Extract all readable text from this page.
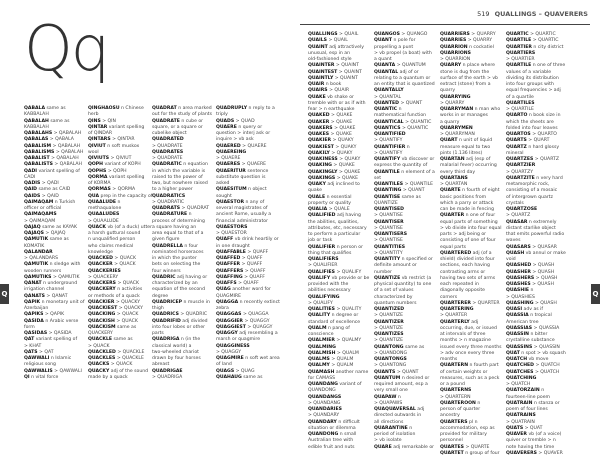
Qq	519 QUALLINGS – QUAVERERS
Q	Q
QABALA same as
KABBALAH
QABALAH same as
KABBALAH
QABALAHS > QABALAH
QABALAS > QABALA
QABALISM > QABALAH
QABALISMS > QABALAH
QABALIST > QABALAH
QABALISTS > QABALAH
QADI variant spelling of
CADI
QADIS > QADI
QAID same as CAID
QAIDS > QAID
QAIMAQAM n Turkish
officer or official
QAIMAQAMS
> QAIMAQAM
QAJAQ same as KAYAK
QAJAQS > QAJAQ
QAMUTIK same as
KOMATIK
QALANDAR
> QALANDARS
QAMUTIK n sledge with
wooden runners
QAMUTIKS > QAMUTIK
QANAT n underground
irrigation channel
QANATS > QANAT
QAPIK n monetary unit of
Azerbaijan
QAPIKS > QAPIK
QASIDA n Arabic verse
form
QASIDAS > QASIDA
QAT variant spelling of
> KHAT
QATS > QAT
QAWWALI n Islamic
religious song
QAWWALIS > QAWWALI
QI n vital force
QINGHAOSU n Chinese
herb
QINS > QIN
QINTAR variant spelling
of QINDAR
QINTARS > QINTAR
QIVIUT n soft muskox
wool
QIVIUTS > QIVIUT
QOPH variant of KOPH
QOPHS > QOPH
QORMA variant spelling
of KORMA
QORMAS > QORMA
QUA prep in the capacity of
QUAALUDE n
methaqualone
QUAALUDES
> QUAALUDE
QUACK vb (of a duck) utter
a harsh guttural sound
n unqualified person
who claims medical
knowledge
QUACKED > QUACK
QUACKER > QUACK
QUACKERIES
> QUACKERY
QUACKERS > QUACK
QUACKERY n activities
or methods of a quack
QUACKIER > QUACKY
QUACKIEST > QUACKY
QUACKING > QUACK
QUACKISH > QUACK
QUACKISM same as
QUACKERY
QUACKLE same as
> QUACK
QUACKLED > QUACKLE
QUACKLES > QUACKLE
QUACKS > QUACK
QUACKY adj of the sound
made by a quack
QUADRAT n area marked
out for the study of plants
QUADRATE n cube or
square, or a square or
cubelike object
QUADRATED
> QUADRATE
QUADRATES
> QUADRATE
QUADRATIC n equation
in which the variable is
raised to the power of
two, but nowhere raised
to a higher power
QUADRATICS
> QUADRATIC
QUADRATS > QUADRAT
QUADRATURE n
process of determining
a square having an
area equal to that of a
given figure
QUADRELLA n four
nominated horseraces
in which the punter
bets on selecting the
four winners
QUADRIC adj having or
characterized by an
equation of the second
degree
QUADRICEP n muscle in
thigh
QUADRICS > QUADRIC
QUADRIFID adj divided
into four lobes or other
parts
QUADRIGA n (in the
classical world) a
two-wheeled chariot
drawn by four horses
abreast
QUADRIGAE
> QUADRIGA
QUADRUPLY n reply to a
triply
QUADS > QUAD
QUAERE n query or
question > interj ask or
inquire > vb ask
QUAERED > QUAERE
QUAEREING
> QUAERE
QUAERES > QUAERE
QUAERITUR sentence
substitute question is
asked
QUAESITUM n object
sought
QUAESTOR n any of
several magistrates of
ancient Rome, usually a
financial administrator
QUAESTORS
> QUAESTOR
QUAFF vb drink heartily or
in one draught
QUAFFABLE > QUAFF
QUAFFED > QUAFF
QUAFFER > QUAFF
QUAFFERS > QUAFF
QUAFFING > QUAFF
QUAFFS > QUAFF
QUAG another word for
QUAGMIRE
QUAGGA n recently extinct
zebra
QUAGGAS > QUAGGA
QUAGGIER > QUAGGY
QUAGGIEST > QUAGGY
QUAGGY adj resembling a
marsh or quagmire
QUAGGINESS
> QUAGGY
QUAGMIRE n soft wet area
of land
QUAGS > QUAG
QUAHAUG same as
QUALLINGS > QUAIL
QUAILS > QUAIL
QUAINT adj attractively
unusual, esp in an
old-fashioned style
QUAINTER > QUAINT
QUAINTEST > QUAINT
QUAINTLY > QUAINT
QUAIR n book
QUAIRS > QUAIR
QUAKE vb shake or
tremble with or as if with
fear > n earthquake
QUAKED > QUAKE
QUAKER > QUAKE
QUAKERS > QUAKE
QUAKES > QUAKE
QUAKIER > QUAKY
QUAKIEST > QUAKY
QUAKILY > QUAKY
QUAKINESS > QUAKY
QUAKING > QUAKE
QUAKINGLY > QUAKE
QUAKINGS > QUAKE
QUAKY adj inclined to
quake
QUALE n essential
property or quality
QUALIA > QUALE
QUALIFIED adj having
the abilities, qualities,
attributes, etc, necessary
to perform a particular
job or task
QUALIFIER n person or
thing that qualifies
QUALIFIERS
> QUALIFIER
QUALIFIES > QUALIFY
QUALIFY vb provide or be
provided with the
abilities necessary
QUALIFYING
> QUALIFY
QUALITIES > QUALITY
QUALITY n degree or
standard of excellence
QUALM n pang of
conscience
QUALMIER > QUALMY
QUALMING
QUALMISH > QUALM
QUALMS > QUALM
QUALMY > QUALM
QUAMASH another name
for CAMASS
QUANDANG variant of
QUANDONG
QUANDANGS
> QUANDANG
QUANDARIES
> QUANDARY
QUANDARY n difficult
situation or dilemma
QUANDONG n small
Australian tree with
edible fruit and nuts
QUANGOS > QUANGO
QUANT n pole for
propelling a punt
> vb propel (a boat) with
a quant
QUANTA > QUANTUM
QUANTAL adj of or
relating to a quantum or
an entity that is quantized
QUANTALLY
> QUANTAL
QUANTED > QUANT
QUANTIC n
mathematical function
QUANTICAL > QUANTIC
QUANTICS > QUANTIC
QUANTIFIED
> QUANTIFY
QUANTIFIER n
> QUANTIFY
QUANTIFY vb discover or
express the quantity of
QUANTILE n element of a
set
QUANTILES > QUANTILE
QUANTING > QUANT
QUANTISE same as
QUANTIZE
QUANTISED
> QUANTISE
QUANTISER
> QUANTISE
QUANTISERS
> QUANTISE
QUANTITIES
> QUANTITY
QUANTITY n specified or
definite amount or
number
QUANTIZE vb restrict (a
physical quantity) to one
of a set of values
characterized by
quantum numbers
QUANTIZED
> QUANTIZE
QUANTIZER
> QUANTIZE
QUANTIZES
> QUANTIZE
QUANTONG same as
> QUANDONG
QUANTONGS
> QUANTONG
QUANTS > QUANT
QUANTUM n desired or
required amount, esp a
very small one
QUAPAW n
> QUAPAWS
QUAQUAVERSAL adj
directed outwards in
all directions
QUARANTINE n
period of isolation
> vb isolate
QUARE adj remarkable or
QUARRIERS > QUARRY
QUARRIES > QUARRY
QUARRION n cockatiel
QUARRIONS
> QUARRION
QUARRY n place where
stone is dug from the
surface of the earth > vb
extract (stone) from a
quarry
QUARRYING
> QUARRY
QUARRYMAN n man who
works in or manages
a quarry
QUARRYMEN
> QUARRYMAN
QUART n unit of liquid
measure equal to two
pints (1.136 litres)
QUARTAN adj (esp of
malarial fever) occurring
every third day
QUARTANS
> QUARTAN
QUARTE n fourth of eight
basic positions from
which a parry or attack
can be made in fencing
QUARTER n one of four
equal parts of something
> vb divide into four equal
parts > adj being or
consisting of one of four
equal parts
QUARTERED adj (of a
shield) divided into four
sections, each having
contrasting arms or
having two sets of arms
each repeated in
diagonally opposite
corners
QUARTERER > QUARTER
QUARTERING
> QUARTER
QUARTERLY adj
occurring, due, or issued
at intervals of three
months > n magazine
issued every three months
> adv once every three
months
QUARTERN n fourth part
of certain weights or
measures, such as a peck
or a pound
QUARTERNS
> QUARTERN
QUARTEROON n
person of quarter
ancestry
QUARTERS pl n
accommodation, esp as
provided for military
personnel
QUARTES > QUARTE
QUARTET n group of four
QUARTIC > QUARTIC
QUARTILE > QUARTIC
QUARTIER n city district
QUARTIERS
> QUARTIER
QUARTILE n one of three
values of a variable
dividing its distribution
into four groups with
equal frequencies > adj
of a quartile
QUARTILES
> QUARTILE
QUARTO n book size in
which the sheets are
folded into four leaves
QUARTOS > QUARTO
QUARTS > QUART
QUARTZ n hard glossy
mineral
QUARTZES > QUARTZ
QUARTZIER
> QUARTZY
QUARTZITE n very hard
metamorphic rock,
consisting of a mosaic
of intergrown quartz
crystals
QUARTZOSE
> QUARTZ
QUASAR n extremely
distant starlike object
that emits powerful radio
waves
QUASARS > QUASAR
QUASH vb annul or make
void
QUASHED > QUASH
QUASHER > QUASH
QUASHERS > QUASH
QUASHES > QUASH
QUASHIE n
> QUASHIES
QUASHING > QUASH
QUASI adv as if
QUASSIA n tropical
American tree
QUASSIAS > QUASSIA
QUASSIN n bitter
crystalline substance
QUASSINS > QUASSIN
QUAT n spot > vb squash
QUATCH vb move
QUATCHED > QUATCH
QUATCHES > QUATCH
QUATCHING
> QUATCH
QUATORZAIN n
fourteen-line poem
QUATRAIN n stanza or
poem of four lines
QUATRAINS
> QUATRAIN
QUATS > QUAT
QUAVER vb (of a voice)
quiver or tremble > n
note having the time
QUAVERERS > QUAVER
